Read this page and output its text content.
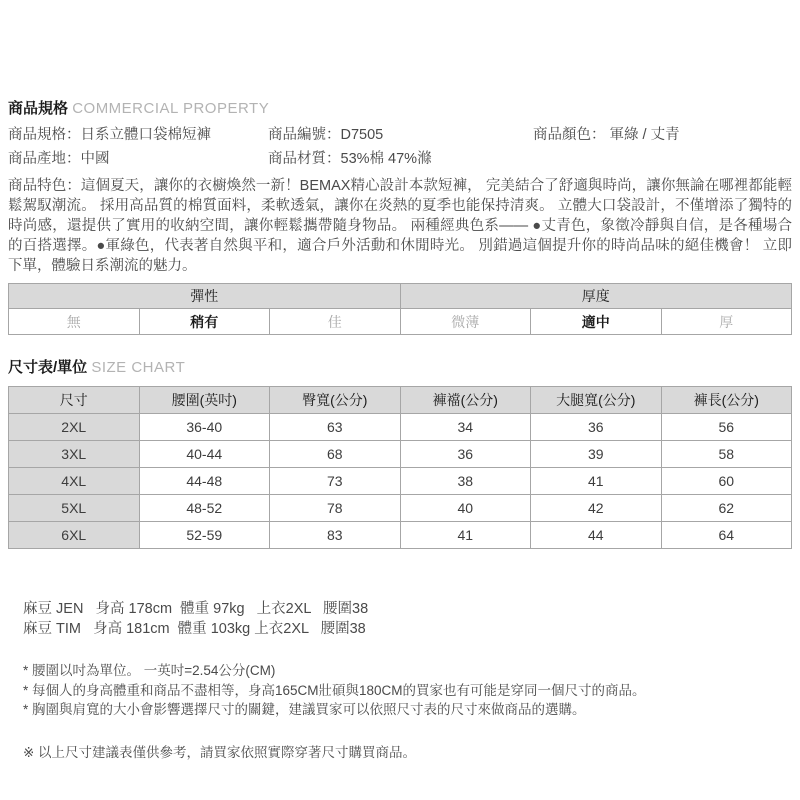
商品規格 COMMERCIAL PROPERTY
商品規格：日系立體口袋棉短褲	商品編號：D7505	商品顏色： 軍綠 / 丈青
商品產地：中國	商品材質：53%棉 47%滌
商品特色：這個夏天，讓你的衣櫥煥然一新！BEMAX精心設計本款短褲， 完美結合了舒適與時尚，讓你無論在哪裡都能輕鬆駕馭潮流。 採用高品質的棉質面料，柔軟透氣，讓你在炎熱的夏季也能保持清爽。 立體大口袋設計，不僅增添了獨特的時尚感，還提供了實用的收納空間，讓你輕鬆攜帶隨身物品。 兩種經典色系—— ●丈青色，象徵冷靜與自信，是各種場合的百搭選擇。●軍綠色，代表著自然與平和，適合戶外活動和休閒時光。 別錯過這個提升你的時尚品味的絕佳機會！ 立即下單，體驗日系潮流的魅力。
彈性			厚度		
無	稍有	佳	微薄	適中	厚
尺寸表/單位 SIZE CHART
尺寸	腰圍(英吋)	臀寬(公分)	褲襠(公分)	大腿寬(公分)	褲長(公分)
2XL	36-40	63	34	36	56
3XL	40-44	68	36	39	58
4XL	44-48	73	38	41	60
5XL	48-52	78	40	42	62
6XL	52-59	83	41	44	64
麻豆 JEN   身高 178cm  體重 97kg   上衣2XL   腰圍38
麻豆 TIM   身高 181cm  體重 103kg 上衣2XL   腰圍38
* 腰圍以吋為單位。 一英吋=2.54公分(CM)
* 每個人的身高體重和商品不盡相等，身高165CM壯碩與180CM的買家也有可能是穿同一個尺寸的商品。
* 胸圍與肩寬的大小會影響選擇尺寸的關鍵，建議買家可以依照尺寸表的尺寸來做商品的選購。
※ 以上尺寸建議表僅供參考，請買家依照實際穿著尺寸購買商品。
